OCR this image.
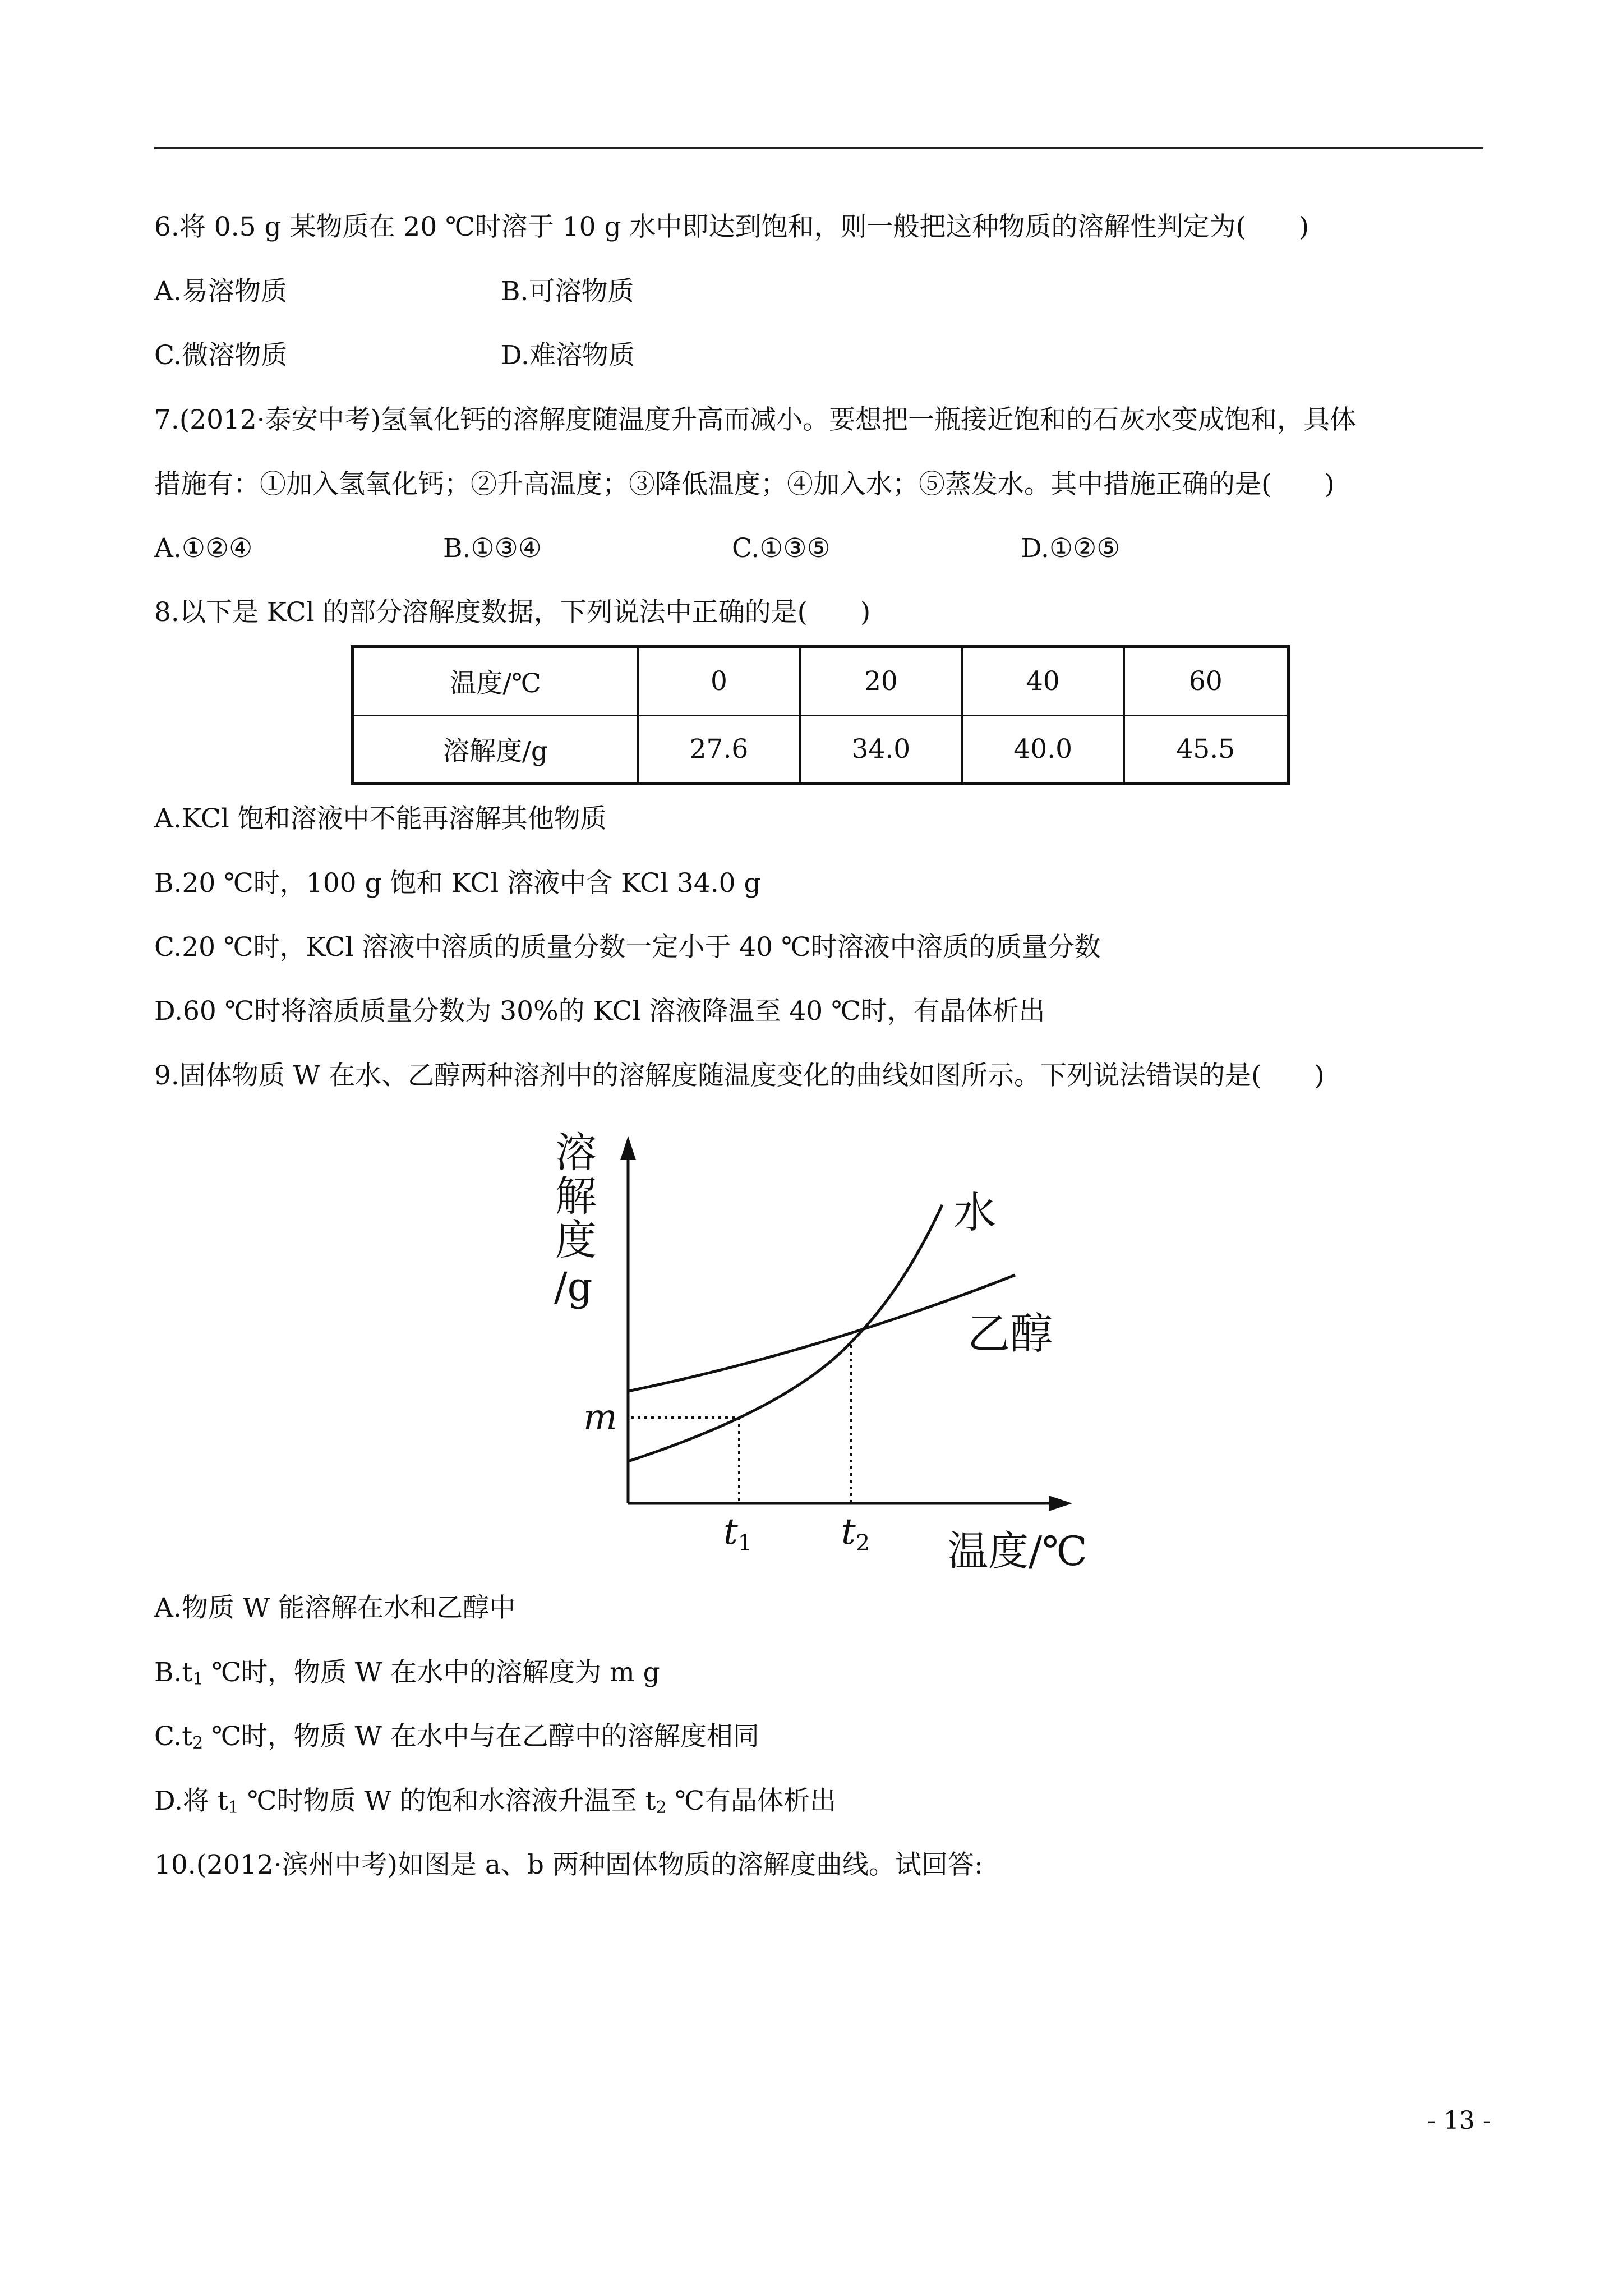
6.将 0.5 g 某物质在 20 ℃时溶于 10 g 水中即达到饱和，则一般把这种物质的溶解性判定为(　　)
A.易溶物质	B.可溶物质
C.微溶物质	D.难溶物质
7.(2012·泰安中考)氢氧化钙的溶解度随温度升高而减小。要想把一瓶接近饱和的石灰水变成饱和，具体
措施有：①加入氢氧化钙；②升高温度；③降低温度；④加入水；⑤蒸发水。其中措施正确的是(　　)
A.①②④	B.①③④	C.①③⑤	D.①②⑤
8.以下是 KCl 的部分溶解度数据，下列说法中正确的是(　　)
温度/℃	0	20	40	60
溶解度/g	27.6	34.0	40.0	45.5
A.KCl 饱和溶液中不能再溶解其他物质
B.20 ℃时，100 g 饱和 KCl 溶液中含 KCl 34.0 g
C.20 ℃时，KCl 溶液中溶质的质量分数一定小于 40 ℃时溶液中溶质的质量分数
D.60 ℃时将溶质质量分数为 30%的 KCl 溶液降温至 40 ℃时，有晶体析出
9.固体物质 W 在水、乙醇两种溶剂中的溶解度随温度变化的曲线如图所示。下列说法错误的是(　　)
溶
解
度
/g
水
乙醇
m
t1 t2 温度/℃
A.物质 W 能溶解在水和乙醇中
$B.t_1$ ℃时，物质 W 在水中的溶解度为 m g
$C.t_2$ ℃时，物质 W 在水中与在乙醇中的溶解度相同
D.将 $t_1$ ℃时物质 W 的饱和水溶液升温至 $t_2$ ℃有晶体析出
10.(2012·滨州中考)如图是 a、b 两种固体物质的溶解度曲线。试回答:
- 13 -
